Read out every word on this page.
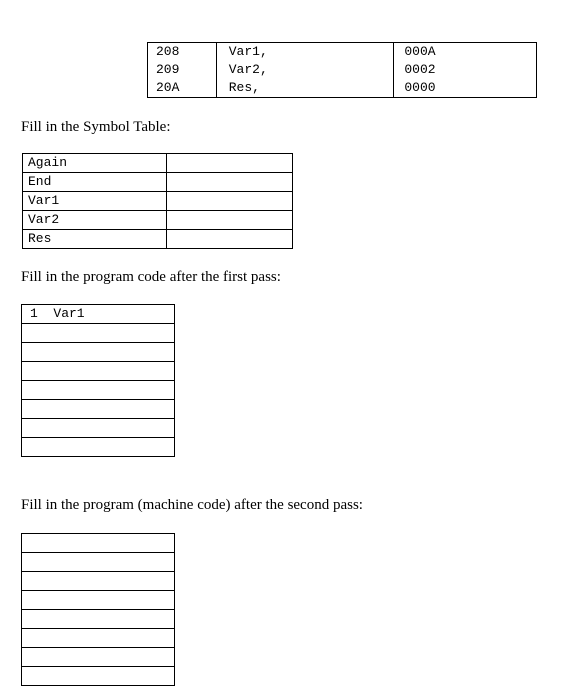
208	Var1,		000A
209	Var2,		0002
20A	Res,		0000

Fill in the Symbol Table:

Again	
End	
Var1	
Var2	
Res	

Fill in the program code after the first pass:

1  Var1

Fill in the program (machine code) after the second pass:
